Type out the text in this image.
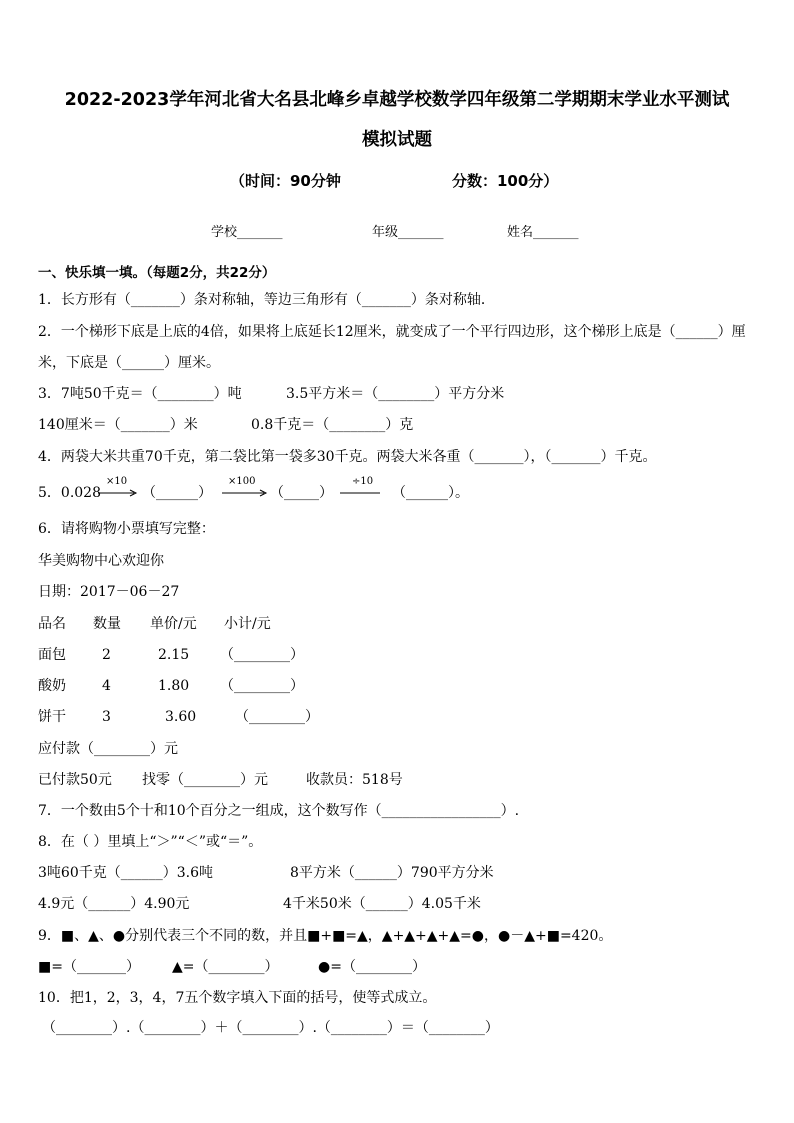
2022-2023学年河北省大名县北峰乡卓越学校数学四年级第二学期期末学业水平测试
模拟试题
（时间：90分钟	分数：100分）
学校_______	年级_______	姓名_______
一、快乐填一填。（每题2分，共22分）
1．长方形有（_______）条对称轴，等边三角形有（_______）条对称轴．
2．一个梯形下底是上底的4倍，如果将上底延长12厘米，就变成了一个平行四边形，这个梯形上底是（______）厘
米，下底是（______）厘米。
3．7吨50千克＝（________）吨	3.5平方米＝（________）平方分米
140厘米＝（_______）米	0.8千克＝（________）克
4．两袋大米共重70千克，第二袋比第一袋多30千克。两袋大米各重（_______），（_______）千克。
5．0.028
×10
（______）
×100
（_____）
÷10
（______）。
6．请将购物小票填写完整：
华美购物中心欢迎你
日期：2017－06－27
品名 数量 单价/元 小计/元
面包	2	2.15 （________）
酸奶	4	1.80 （________）
饼干	3	3.60	（________）
应付款（________）元
已付款50元 找零（________）元	收款员：518号
7．一个数由5个十和10个百分之一组成，这个数写作（_________________）.
8．在（ ）里填上“＞”“＜”或“＝”。
3吨60千克（______）3.6吨	8平方米（______）790平方分米
4.9元（______）4.90元	4千米50米（______）4.05千米
9．■、▲、●分别代表三个不同的数，并且■+■=▲，▲+▲+▲+▲=●，●－▲+■=420。
■=（_______） ▲=（________）	●=（________）
10．把1，2，3，4，7五个数字填入下面的括号，使等式成立。
（________）.（________）＋（________）.（________）＝（________）
